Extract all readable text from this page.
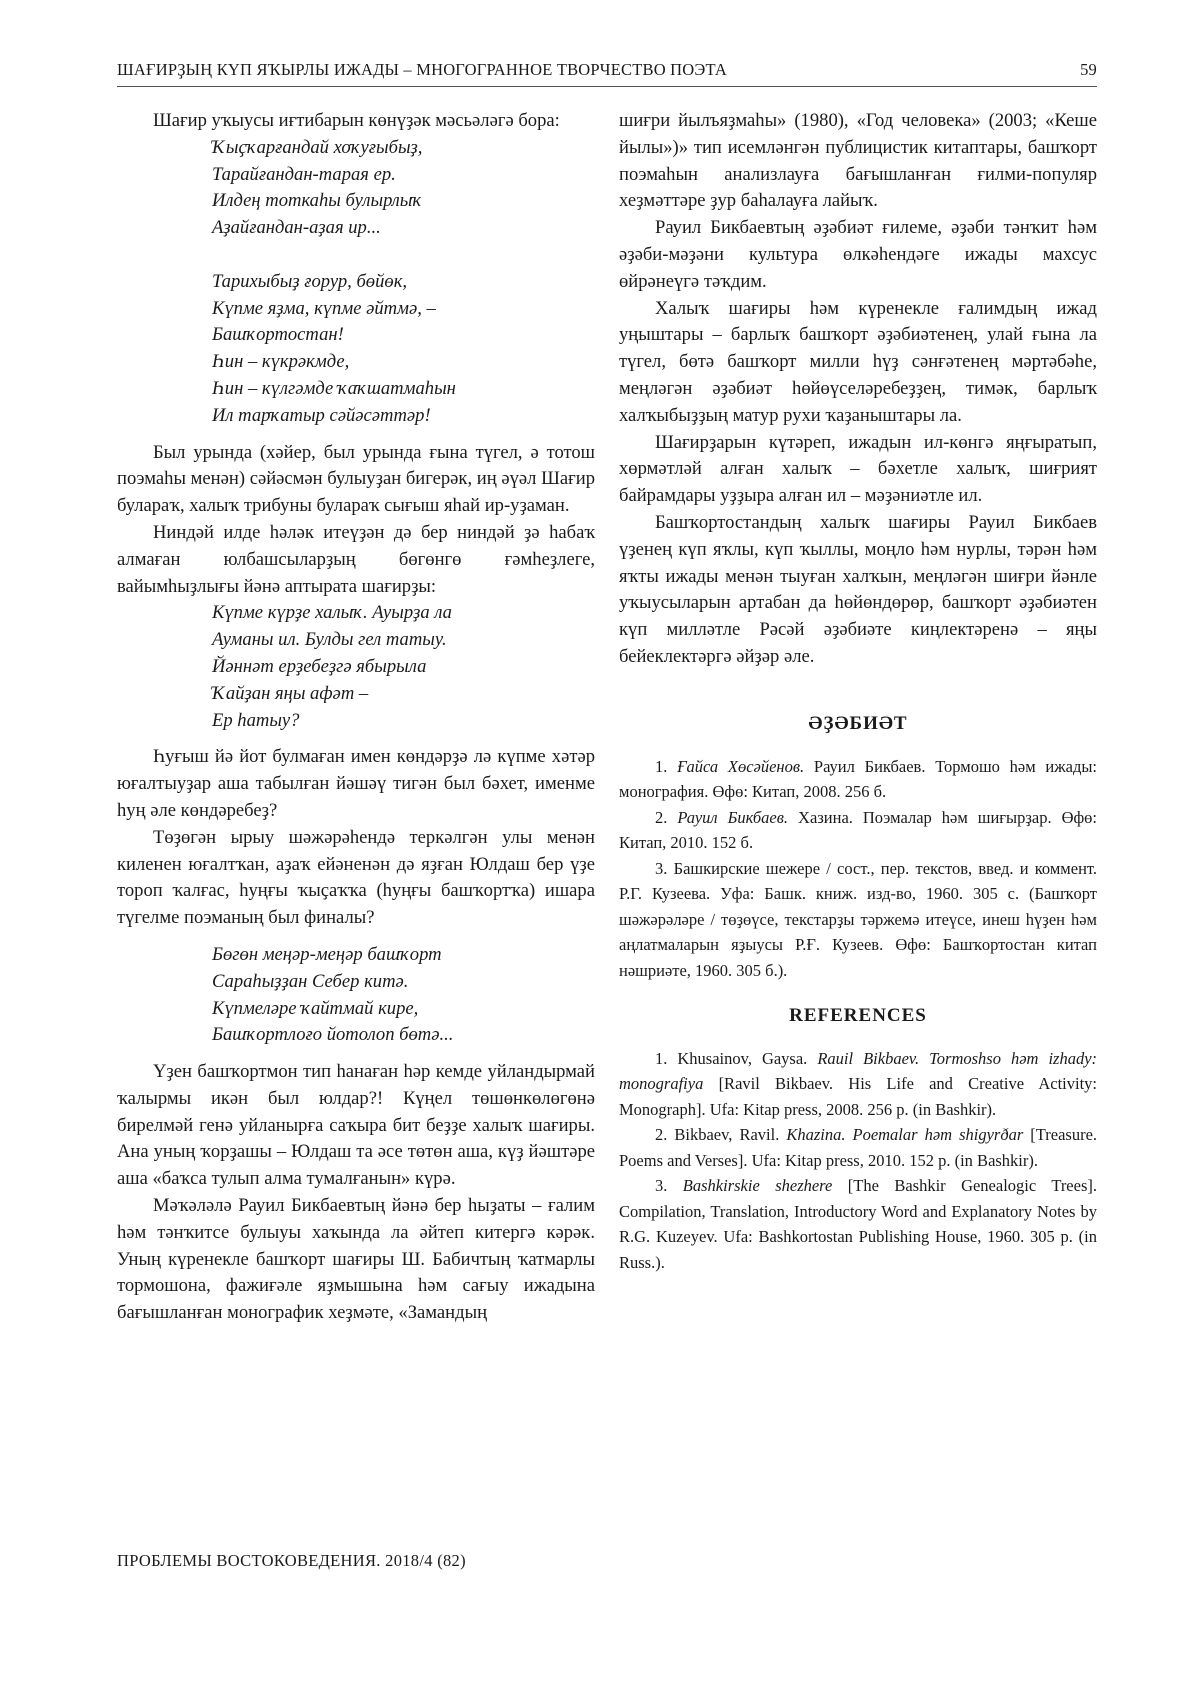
ШАҒИРҘЫҢ КҮП ЯҠЫРЛЫ ИЖАДЫ – МНОГОГРАННОЕ ТВОРЧЕСТВО ПОЭТА	59

Шағир уҡыусы иғтибарын көнүҙәк мәсьәләгә бора:

Ҡыҫҡарғандай хоҡуғыбыҙ,
Тарайғандан-тарая ер.
Илдең тоткаһы булырлыҡ
Аҙайғандан-аҙая ир...
Тарихыбыҙ ғорур, бөйөк,
Күпме яҙма, күпме әйтмә, –
Башҡортостан!
Һин – күкрәкмде,
Һин – күлгәмде ҡаҡшатмаһын
Ил тарҡатыр сәйәсәттәр!

Был урында (хәйер, был урында ғына түгел, ә тотош поэмаһы менән) сәйәсмән булыуҙан бигерәк, иң әүәл Шағир булараҡ, халыҡ трибуны булараҡ сығыш яһай ир-уҙаман.

Ниндәй илде һәләк итеүҙән дә бер ниндәй ҙә һабаҡ алмаған юлбашсыларҙың бөгөнгө ғәмһеҙлеге, вайымһыҙлығы йәнә аптырата шағирҙы:

Күпме күрҙе халыҡ. Ауырҙа ла
Ауманы ил. Булды гел татыу.
Йәннәт ерҙебеҙгә ябырыла
Ҡайҙан яңы афәт –
Ер һатыу?

Һуғыш йә йот булмаған имен көндәрҙә лә күпме хәтәр юғалтыуҙар аша табылған йәшәү тигән был бәхет, именме һуң әле көндәребеҙ?

Төҙөгән ырыу шәжәрәһендә теркәлгән улы менән киленен юғалтҡан, аҙаҡ ейәненән дә яҙған Юлдаш бер үҙе тороп ҡалғас, һуңғы ҡыҫаҡҡа (һуңғы башҡортҡа) ишара түгелме поэманың был финалы?

Бөгөн меңәр-меңәр башҡорт
Сараһыҙҙан Себер китә.
Күпмеләре ҡайтмай кире,
Башҡортлоғо йотолоп бөтә...

Үҙен башҡортмон тип һанаған һәр кемде уйландырмай ҡалырмы икән был юлдар?! Күңел төшөнкөлөгөнә бирелмәй генә уйланырға саҡыра бит беҙҙе халыҡ шағиры. Ана уның ҡорҙашы – Юлдаш та әсе төтөн аша, күҙ йәштәре аша «баҡса тулып алма тумалғанын» күрә.

Мәҡәләлә Рауил Бикбаевтың йәнә бер һыҙаты – ғалим һәм тәнҡитсе булыуы хаҡында ла әйтеп китергә кәрәк. Уның күренекле башҡорт шағиры Ш. Бабичтың ҡатмарлы тормошона, фажиғәле яҙмышына һәм сағыу ижадына бағышланған монографик хеҙмәте, «Замандың

шиғри йылъяҙмаһы» (1980), «Год человека» (2003; «Кеше йылы»)» тип исемләнгән публицистик китаптары, башҡорт поэмаһын анализлауға бағышланған ғилми-популяр хеҙмәттәре ҙур баһалауға лайыҡ.

Рауил Бикбаевтың әҙәбиәт ғилеме, әҙәби тәнҡит һәм әҙәби-мәҙәни культура өлкәһендәге ижады махсус өйрәнеүгә тәҡдим.

Халыҡ шағиры һәм күренекле ғалимдың ижад уңыштары – барлыҡ башҡорт әҙәбиәтенең, улай ғына ла түгел, бөтә башҡорт милли һүҙ сәнғәтенең мәртәбәһе, меңләгән әҙәбиәт һөйөүселәребеҙҙең, тимәк, барлыҡ халҡыбыҙҙың матур рухи ҡаҙаныштары ла.

Шағирҙарын күтәреп, ижадын ил-көнгә яңғыратып, хөрмәтләй алған халыҡ – бәхетле халыҡ, шиғрият байрамдары уҙҙыра алған ил – мәҙәниәтле ил.

Башҡортостандың халыҡ шағиры Рауил Бикбаев үҙенең күп яҡлы, күп ҡыллы, моңло һәм нурлы, тәрән һәм яҡты ижады менән тыуған халҡын, меңләгән шиғри йәнле уҡыусыларын артабан да һөйөндөрөр, башҡорт әҙәбиәтен күп милләтле Рәсәй әҙәбиәте киңлектәренә – яңы бейеклектәргә әйҙәр әле.

ӘҘӘБИӘТ

1. Ғайса Хөсәйенов. Рауил Бикбаев. Тормошо һәм ижады: монография. Өфө: Китап, 2008. 256 б.

2. Рауил Бикбаев. Хазина. Поэмалар һәм шиғырҙар. Өфө: Китап, 2010. 152 б.

3. Башкирские шежере / сост., пер. текстов, введ. и коммент. Р.Г. Кузеева. Уфа: Башк. книж. изд-во, 1960. 305 с. (Башҡорт шәжәрәләре / төҙөүсе, текстарҙы тәржемә итеүсе, инеш һүҙен һәм аңлатмаларын яҙыусы Р.Ғ. Кузеев. Өфө: Башҡортостан китап нәшриәте, 1960. 305 б.).

REFERENCES

1. Khusainov, Gaysa. Rauil Bikbaev. Tormoshso həm izhady: monografiya [Ravil Bikbaev. His Life and Creative Activity: Monograph]. Ufa: Kitap press, 2008. 256 p. (in Bashkir).

2. Bikbaev, Ravil. Khazina. Poemalar həm shigyrðar [Treasure. Poems and Verses]. Ufa: Kitap press, 2010. 152 p. (in Bashkir).

3. Bashkirskie shezhere [The Bashkir Genealogic Trees]. Compilation, Translation, Introductory Word and Explanatory Notes by R.G. Kuzeyev. Ufa: Bashkortostan Publishing House, 1960. 305 p. (in Russ.).

ПРОБЛЕМЫ ВОСТОКОВЕДЕНИЯ. 2018/4 (82)
